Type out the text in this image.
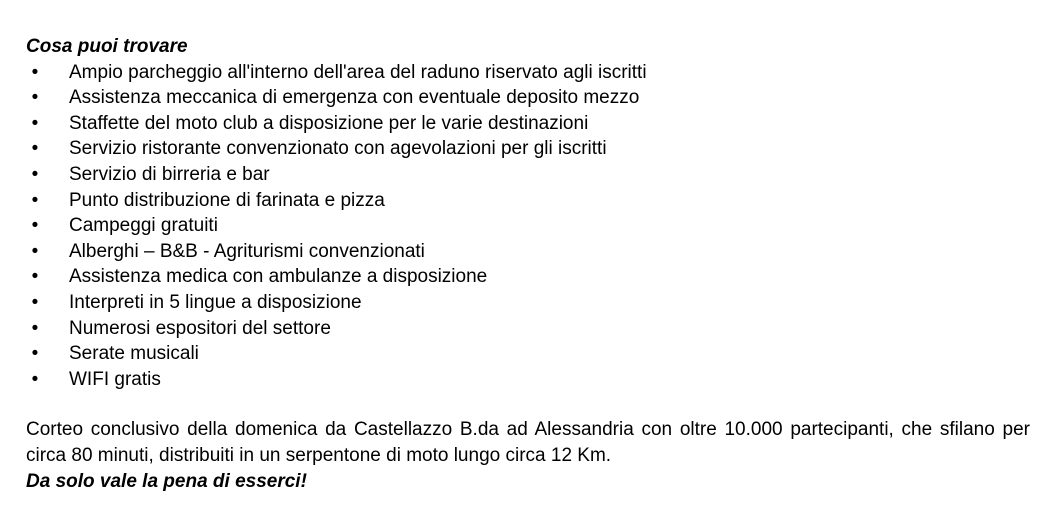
Cosa puoi trovare

• Ampio parcheggio all'interno dell'area del raduno riservato agli iscritti
• Assistenza meccanica di emergenza con eventuale deposito mezzo
• Staffette del moto club a disposizione per le varie destinazioni
• Servizio ristorante convenzionato con agevolazioni per gli iscritti
• Servizio di birreria e bar
• Punto distribuzione di farinata e pizza
• Campeggi gratuiti
• Alberghi – B&B - Agriturismi convenzionati
• Assistenza medica con ambulanze a disposizione
• Interpreti in 5 lingue a disposizione
• Numerosi espositori del settore
• Serate musicali
• WIFI gratis

Corteo conclusivo della domenica da Castellazzo B.da ad Alessandria con oltre 10.000 partecipanti, che sfilano per circa 80 minuti, distribuiti in un serpentone di moto lungo circa 12 Km.

Da solo vale la pena di esserci!
